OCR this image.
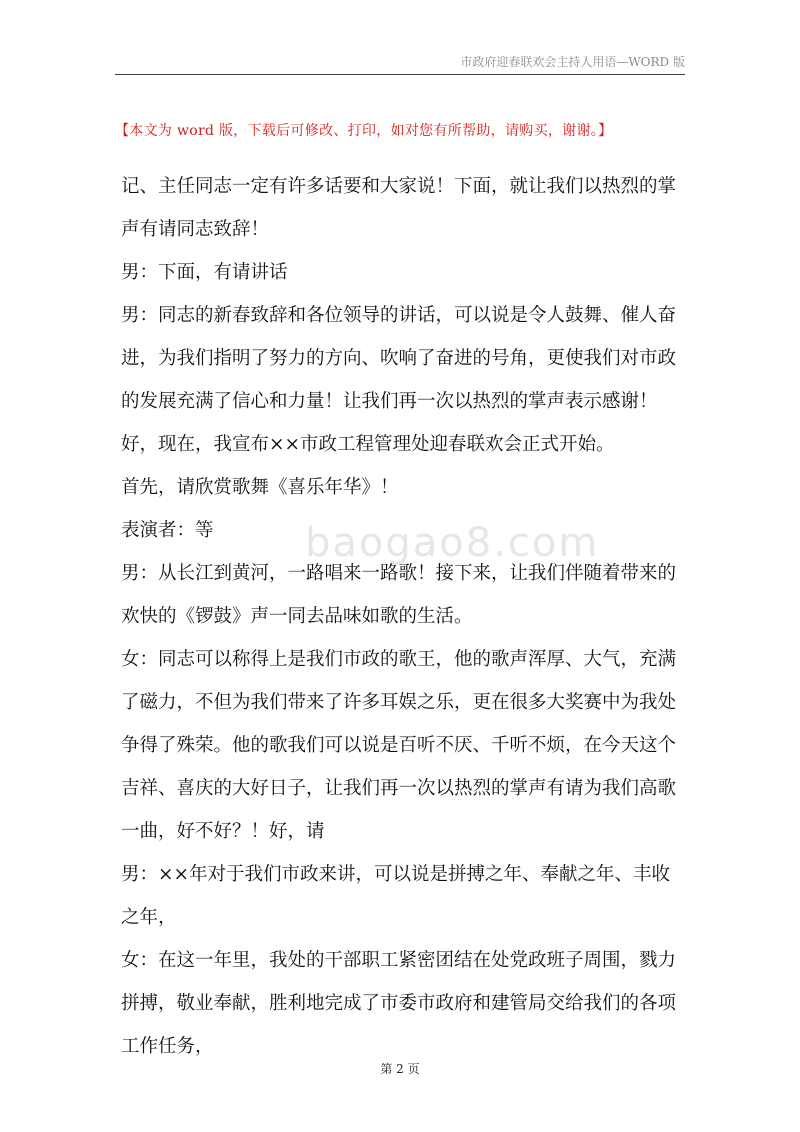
市政府迎春联欢会主持人用语—WORD 版
【本文为 word 版，下载后可修改、打印，如对您有所帮助，请购买，谢谢。】
baogao8.com

记、主任同志一定有许多话要和大家说！下面，就让我们以热烈的掌声有请同志致辞！

男：下面，有请讲话

男：同志的新春致辞和各位领导的讲话，可以说是令人鼓舞、催人奋进，为我们指明了努力的方向、吹响了奋进的号角，更使我们对市政的发展充满了信心和力量！让我们再一次以热烈的掌声表示感谢！

好，现在，我宣布××市政工程管理处迎春联欢会正式开始。

首先，请欣赏歌舞《喜乐年华》！

表演者：等

男：从长江到黄河，一路唱来一路歌！接下来，让我们伴随着带来的欢快的《锣鼓》声一同去品味如歌的生活。

女：同志可以称得上是我们市政的歌王，他的歌声浑厚、大气，充满了磁力，不但为我们带来了许多耳娱之乐，更在很多大奖赛中为我处争得了殊荣。他的歌我们可以说是百听不厌、千听不烦，在今天这个吉祥、喜庆的大好日子，让我们再一次以热烈的掌声有请为我们高歌一曲，好不好？！好，请

男：××年对于我们市政来讲，可以说是拼搏之年、奉献之年、丰收之年，

女：在这一年里，我处的干部职工紧密团结在处党政班子周围，戮力拼搏，敬业奉献，胜利地完成了市委市政府和建管局交给我们的各项工作任务，

第 2 页
